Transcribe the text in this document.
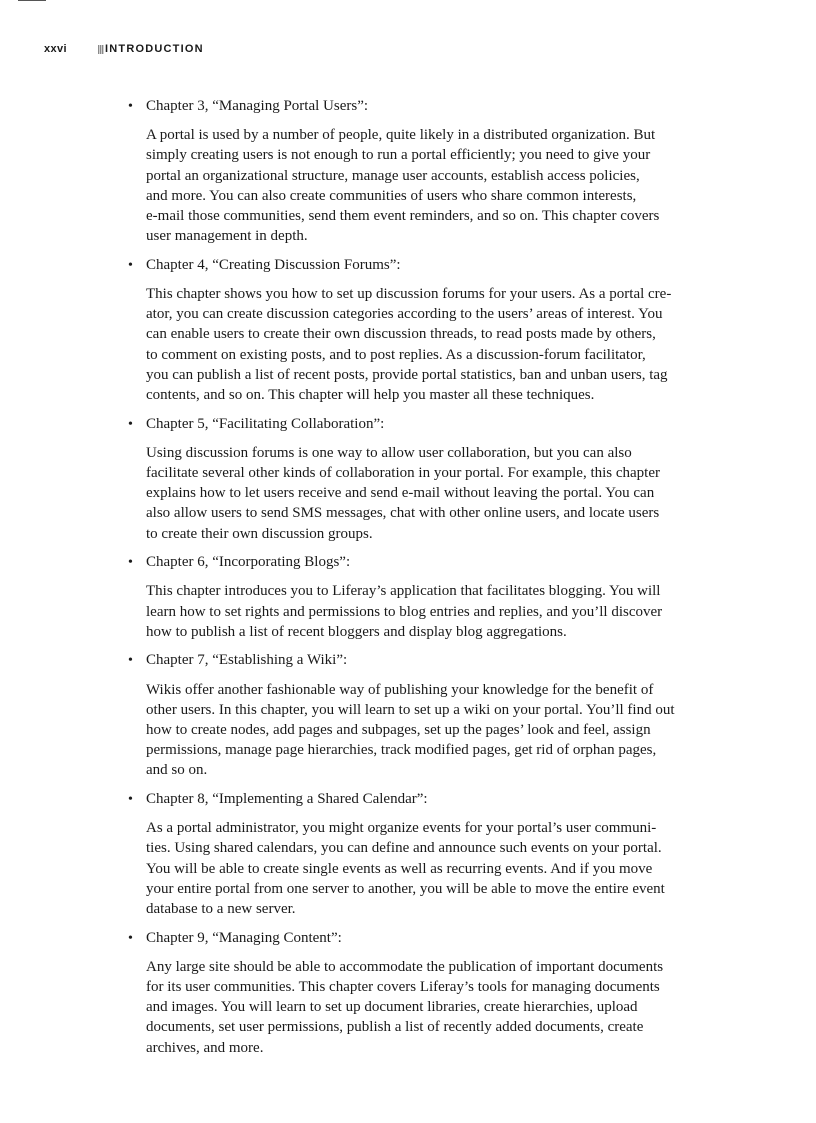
xxvi	INTRODUCTION
• Chapter 3, “Managing Portal Users”:
A portal is used by a number of people, quite likely in a distributed organization. But
simply creating users is not enough to run a portal efficiently; you need to give your
portal an organizational structure, manage user accounts, establish access policies,
and more. You can also create communities of users who share common interests,
e-mail those communities, send them event reminders, and so on. This chapter covers
user management in depth.
• Chapter 4, “Creating Discussion Forums”:
This chapter shows you how to set up discussion forums for your users. As a portal cre-
ator, you can create discussion categories according to the users’ areas of interest. You
can enable users to create their own discussion threads, to read posts made by others,
to comment on existing posts, and to post replies. As a discussion-forum facilitator,
you can publish a list of recent posts, provide portal statistics, ban and unban users, tag
contents, and so on. This chapter will help you master all these techniques.
• Chapter 5, “Facilitating Collaboration”:
Using discussion forums is one way to allow user collaboration, but you can also
facilitate several other kinds of collaboration in your portal. For example, this chapter
explains how to let users receive and send e-mail without leaving the portal. You can
also allow users to send SMS messages, chat with other online users, and locate users
to create their own discussion groups.
• Chapter 6, “Incorporating Blogs”:
This chapter introduces you to Liferay’s application that facilitates blogging. You will
learn how to set rights and permissions to blog entries and replies, and you’ll discover
how to publish a list of recent bloggers and display blog aggregations.
• Chapter 7, “Establishing a Wiki”:
Wikis offer another fashionable way of publishing your knowledge for the benefit of
other users. In this chapter, you will learn to set up a wiki on your portal. You’ll find out
how to create nodes, add pages and subpages, set up the pages’ look and feel, assign
permissions, manage page hierarchies, track modified pages, get rid of orphan pages,
and so on.
• Chapter 8, “Implementing a Shared Calendar”:
As a portal administrator, you might organize events for your portal’s user communi-
ties. Using shared calendars, you can define and announce such events on your portal.
You will be able to create single events as well as recurring events. And if you move
your entire portal from one server to another, you will be able to move the entire event
database to a new server.
• Chapter 9, “Managing Content”:
Any large site should be able to accommodate the publication of important documents
for its user communities. This chapter covers Liferay’s tools for managing documents
and images. You will learn to set up document libraries, create hierarchies, upload
documents, set user permissions, publish a list of recently added documents, create
archives, and more.
